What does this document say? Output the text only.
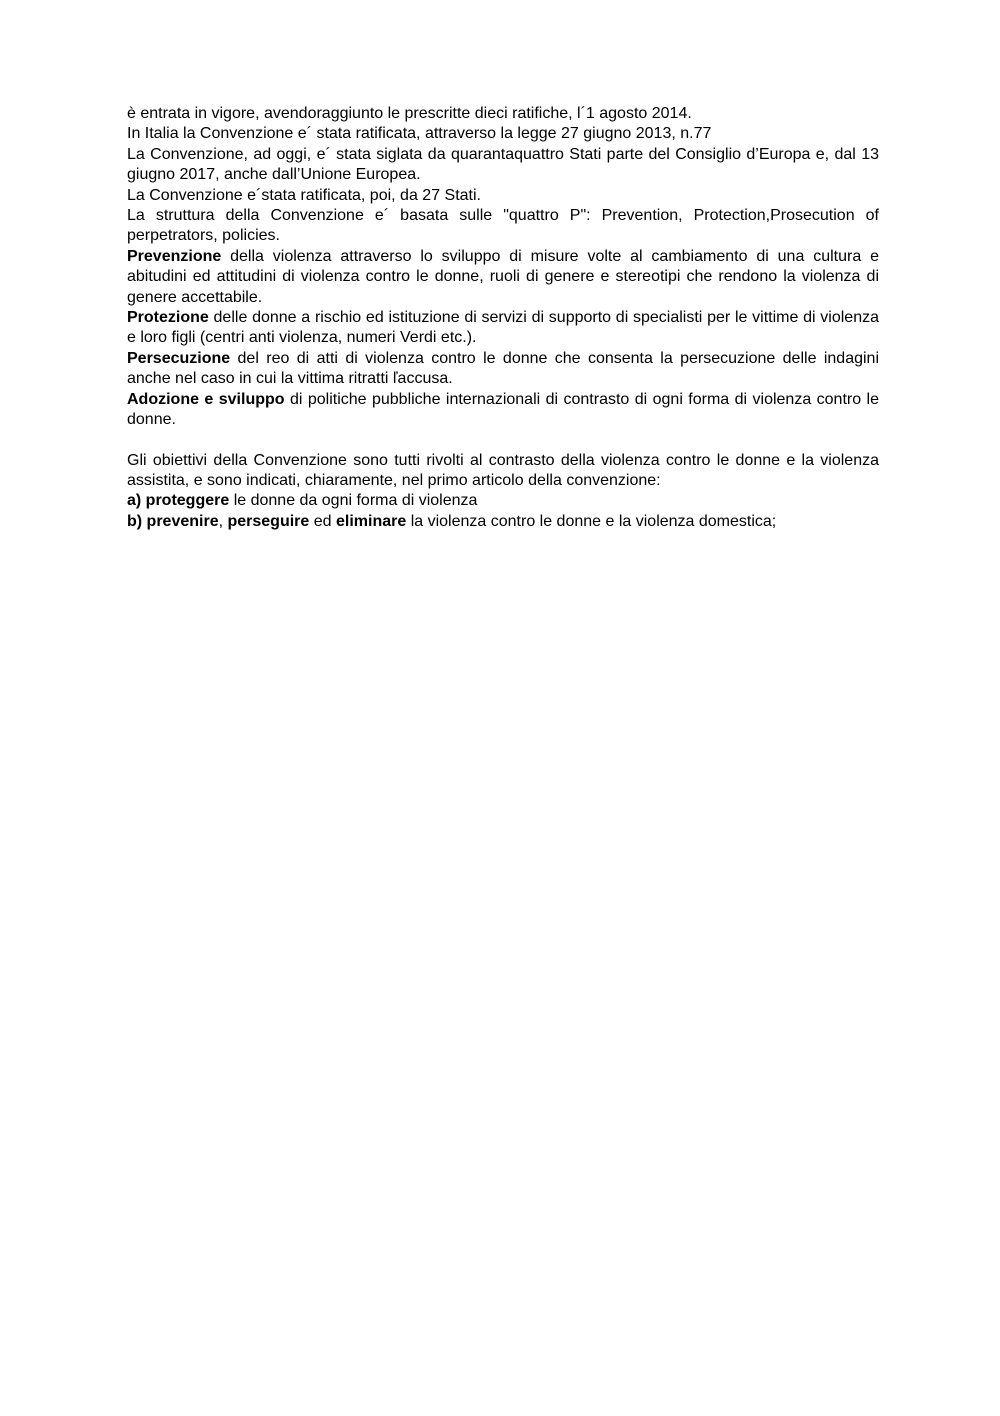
è entrata in vigore, avendoraggiunto le prescritte dieci ratifiche, l´1 agosto 2014.

In Italia la Convenzione e´ stata ratificata, attraverso la legge 27 giugno 2013, n.77

La Convenzione, ad oggi, e´ stata siglata da quarantaquattro Stati parte del Consiglio d’Europa e, dal 13 giugno 2017, anche dall’Unione Europea.

La Convenzione e´stata ratificata, poi, da 27 Stati.

La struttura della Convenzione e´ basata sulle "quattro P": Prevention, Protection,Prosecution of perpetrators, policies.

Prevenzione della violenza attraverso lo sviluppo di misure volte al cambiamento di una cultura e abitudini ed attitudini di violenza contro le donne, ruoli di genere e stereotipi che rendono la violenza di genere accettabile.

Protezione delle donne a rischio ed istituzione di servizi di supporto di specialisti per le vittime di violenza e loro figli (centri anti violenza, numeri Verdi etc.).

Persecuzione del reo di atti di violenza contro le donne che consenta la persecuzione delle indagini anche nel caso in cui la vittima ritratti ľaccusa.

Adozione e sviluppo di politiche pubbliche internazionali di contrasto di ogni forma di violenza contro le donne.

Gli obiettivi della Convenzione sono tutti rivolti al contrasto della violenza contro le donne e la violenza assistita, e sono indicati, chiaramente, nel primo articolo della convenzione:

a) proteggere le donne da ogni forma di violenza

b) prevenire, perseguire ed eliminare la violenza contro le donne e la violenza domestica;
